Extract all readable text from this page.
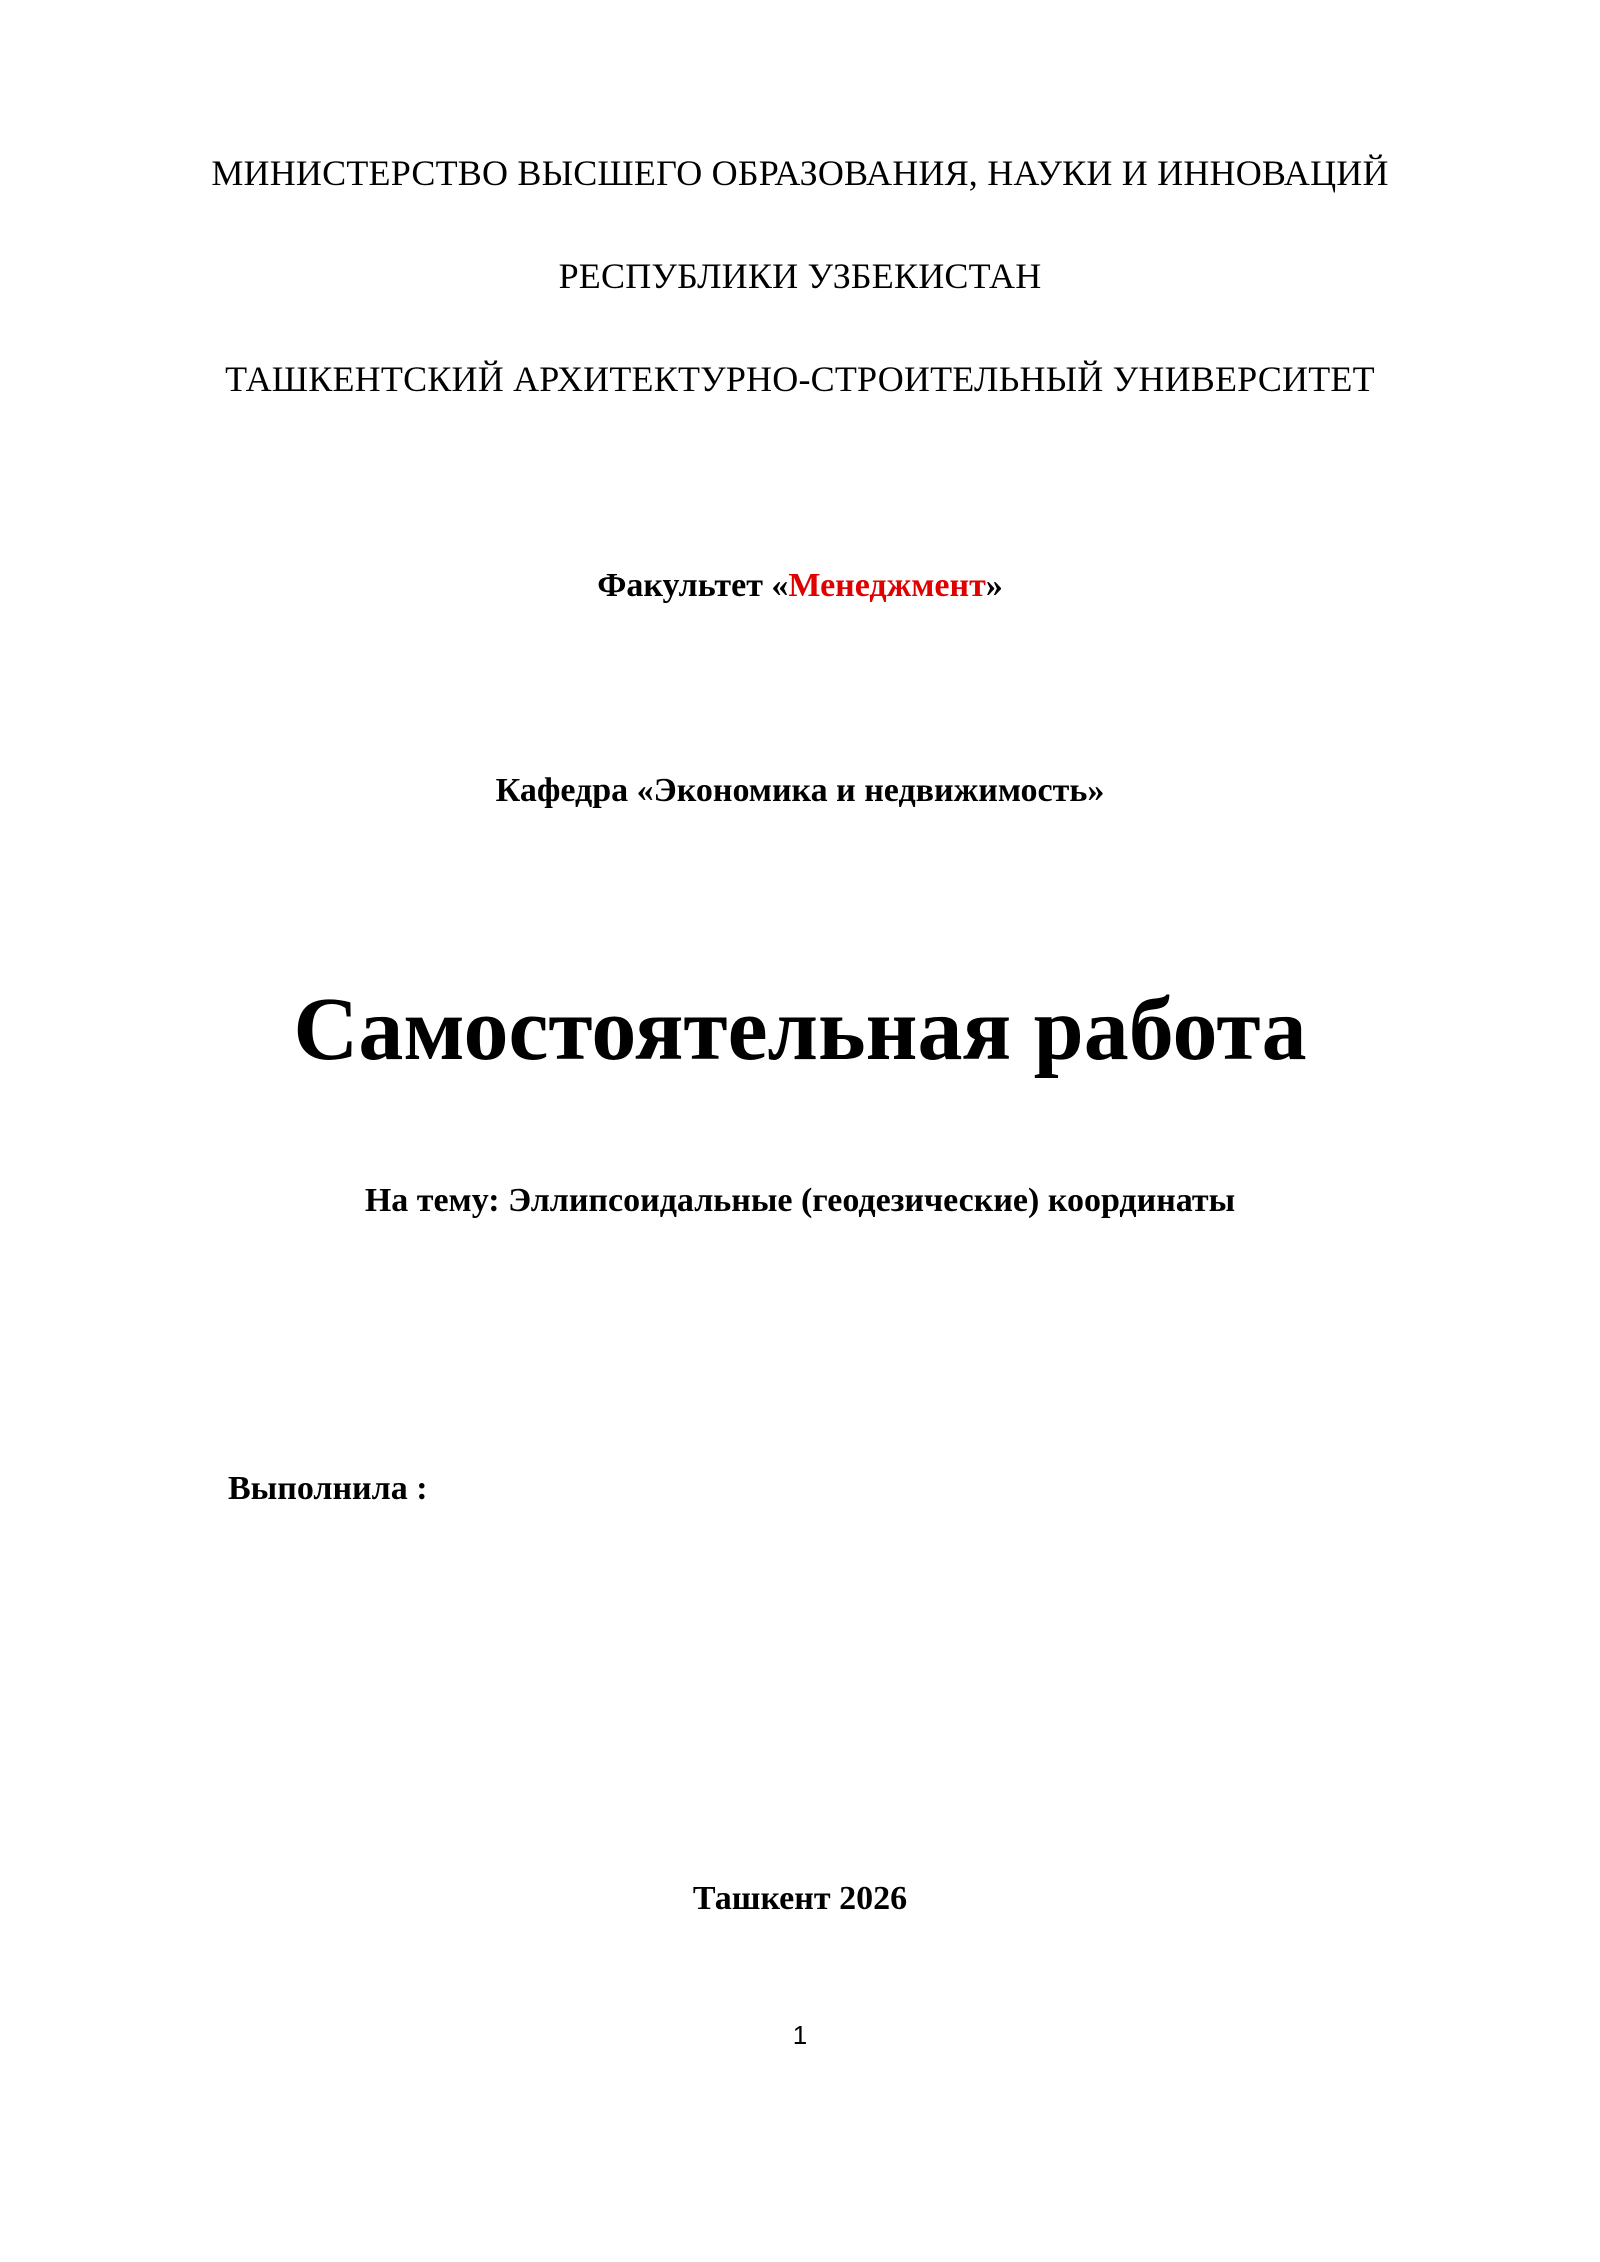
МИНИСТЕРСТВО ВЫСШЕГО ОБРАЗОВАНИЯ, НАУКИ И ИННОВАЦИЙ
РЕСПУБЛИКИ УЗБЕКИСТАН
ТАШКЕНТСКИЙ АРХИТЕКТУРНО-СТРОИТЕЛЬНЫЙ УНИВЕРСИТЕТ
Факультет «Менеджмент»
Кафедра «Экономика и недвижимость»
Самостоятельная работа
На тему: Эллипсоидальные (геодезические) координаты
Выполнила :
Ташкент 2026
1
